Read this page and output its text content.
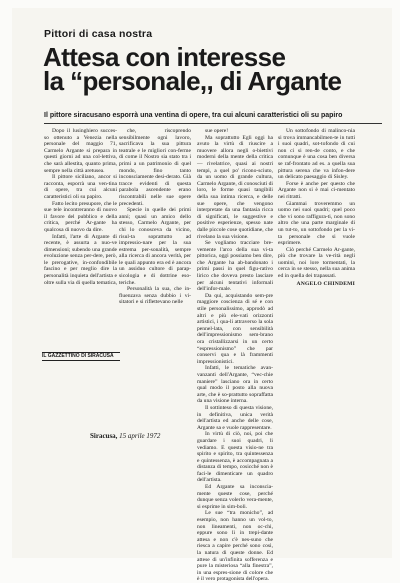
Pittori di casa nostra
Attesa con interesse
la “personale,, di Argante
Il pittore siracusano esporrà una ventina di opere, tra cui alcuni caratteristici oli su papiro

Dopo il lusinghiero succes-so ottenuto a Venezia nella personale del maggio 71, Carmelo Argante si prepara in questi giorni ad una col-lettiva, che sarà allestita, quanto prima, sempre nella città aretusea.

Il pittore siciliano, ancor si racconta, esporrà una ven-tina di opere, tra cui alcuni caratteristici oli su papiro.

Fatto lecito presupore, che le sue tele incontreranno di nuovo il favore del pubblico e della critica, perché Ar-gante ha qualcosa di nuovo da dire.

Infatti, l'arte di Argante di recente, è assurta a nuo-ve dimensioni; subendo una grande evoluzione senza per-dere, però, le prerogative, in-confondibile fascino e per meglio dire la personalità inquieta dell'artista e oltre sulla via di quella tematica,

che, riscoprendo sensibilmente ogni lavoro, sacrificava la sua pittura teatrale e le migliori con-ferme di come il Nostro sia stato tra i primi a un patrimonio di quel mondo, fino tanto inconsciamente desi-derato. Già tracce evidenti di questa parabola ascendente erano riscontrabili nelle sue opere precedenti.

Specie in quelle dei primi anni; quasi un amico dello stesso, Carmelo Argante, per chi lo conosceva da vicino, risul-ta soprattutto ad impressio-nare per la sua estrema per-sonalità, sempre alla ricerca di ancora verità, per le quali appunto era ed è ancora un assiduo cultore di parap-sicologia e di dottrine eso-teriche.

Personalità la sua, che in-fluenzava senza dubbio i vi-sitatori e si riflettevano nelle

sue opere!

Ma soprattutto Egli oggi ha avuto la virtù di riuscire a muovere allora negli o-biettivi moderni della mente della critica — rivelatrice, quasi ai nostri tempi, a quel po' ricono-sciuto, da un uomo di grande cultura, Carmelo Argante, di conosciuti di loro, le forme quasi tangibili della sua intima ricerca, e delle sue opere, che vengono interpretate da una fantasia ricca di significati, le suggestive e positive esperienze, spesso nate dalle piccole cose quotidiane, che rivelano la sua visione.

Se vogliamo tracciare bre-vemente l'arco della sua vi-ta pittorica, oggi possiamo ben dire, che Argante ha ab-bandonato i primi passi in quel figu-rativo lirico che doveva presto lasciare per alcuni tentativi informali dell'infor-male.

Da qui, acquistando sem-pre maggiore coscienza di sé e con stile personalissimo, approdò ad altri e più ele-vati orizzonti artistici, i qua-li attraverso la sola pennel-lata, con sensibilità dell'impressionismo sem-brano ora cristallizzarsi in un certo “espressionismo” che par conservi qua e là frammenti impressionistici.

Infatti, le tematiche avan-vanzanti dell'Argante, “vec-chie maniere” lasciano ora in certo qual modo il posto alla nuova arte, che è so-prattutto sopraffatta da una visione interna.

Il sottinteso di questa visione, in definitiva, unica verità dell'artista ed anche delle cose, Argante sa e vuole rappresentare.

In virtù di ciò, noi, poi che guardare i suoi quadri, li vediamo. E questa visio-ne tra spirito e spirito, tra quintessenza e quintessenza, è accompagnata a distanza di tempo, cosicché non è faci-le dimenticare un quadro dell'artista.

Ed Argante sa inconscia-mente queste cose, perché dunque senza volerlo vera-mente, si esprime in sim-boli.

Le sue “tra monicho”, ad esempio, non hanno un vol-to, non lineamenti, non oc-chi, eppure sono lì in trepi-dante attesa e non c'è nes-suno che riesca a capire perché sono così, la natura di queste donne. Ed attese di un'infinita sofferenza e pure la misteriosa “alla finestra”, in una espres-sione di colore che è il vero protagonista dell'opera.

Un sottofondo di malinco-nia si trova immancabilmen-te in tutti i suoi quadri, sot-tofondo di cui non ci si ren-de conto, e che comunque è una cosa ben diversa se raf-frontato ad es. a quella sua pittura serena che va infon-dere un delicato paesaggio di Sisley.

Forse è anche per questo che Argante non si è mai ci-mentato nei ritratti.

Giammai troveremmo un uomo nei suoi quadri; quel poco che vi sono raffigura-ti, non sono altro che una parte marginale di un tut-to, un sottofondo per la vi-ta personale che si vuole esprimere.

Ciò perché Carmelo Ar-gante, più che trovare la ve-rità negli uomini, noi lore tormentati, la cerca in se stesso, nella sua anima ed in quella dei trapassati.

ANGELO CHINDEMI
IL GAZZETTINO DI SIRACUSA
Siracusa, 15 aprile 1972
